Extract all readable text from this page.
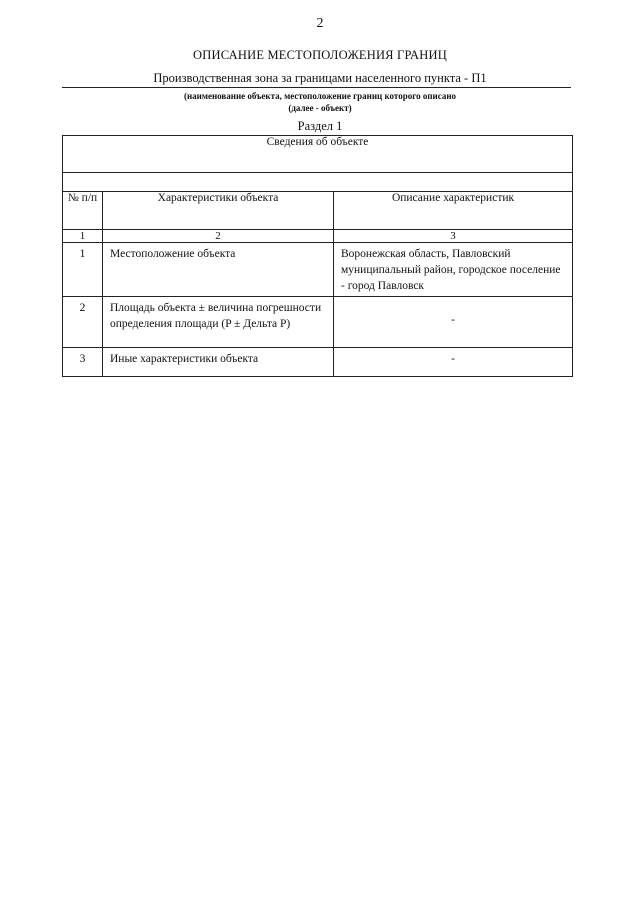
2
ОПИСАНИЕ МЕСТОПОЛОЖЕНИЯ ГРАНИЦ
Производственная зона за границами населенного пункта - П1
(наименование объекта, местоположение границ которого описано
(далее - объект)
Раздел 1
Сведения об объекте		

№ п/п	Характеристики объекта	Описание характеристик
1	2	3

1	Местоположение объекта	Воронежская область, Павловский муниципальный район, городское поселение - город Павловск

2	Площадь объекта ± величина погрешности определения площади (P ± Дельта P)	-

3	Иные характеристики объекта	-
